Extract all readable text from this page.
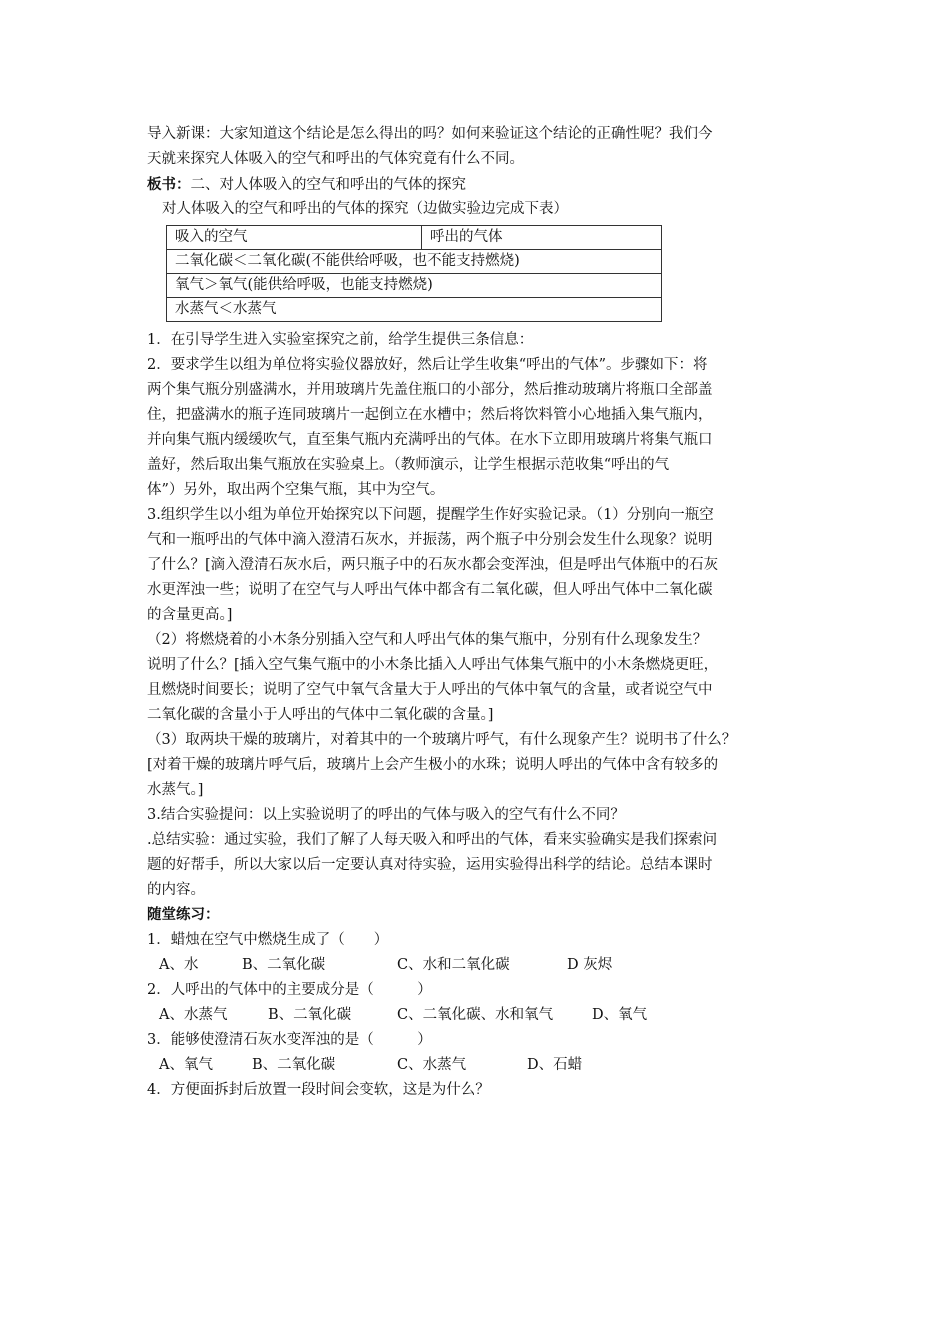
导入新课：大家知道这个结论是怎么得出的吗？如何来验证这个结论的正确性呢？我们今
天就来探究人体吸入的空气和呼出的气体究竟有什么不同。
板书：二、对人体吸入的空气和呼出的气体的探究
对人体吸入的空气和呼出的气体的探究（边做实验边完成下表）
吸入的空气	呼出的气体
二氧化碳＜二氧化碳(不能供给呼吸，也不能支持燃烧)
氧气＞氧气(能供给呼吸，也能支持燃烧)
水蒸气＜水蒸气
1．在引导学生进入实验室探究之前，给学生提供三条信息：
2．要求学生以组为单位将实验仪器放好，然后让学生收集“呼出的气体”。步骤如下：将
两个集气瓶分别盛满水，并用玻璃片先盖住瓶口的小部分，然后推动玻璃片将瓶口全部盖
住，把盛满水的瓶子连同玻璃片一起倒立在水槽中；然后将饮料管小心地插入集气瓶内，
并向集气瓶内缓缓吹气，直至集气瓶内充满呼出的气体。在水下立即用玻璃片将集气瓶口
盖好，然后取出集气瓶放在实验桌上。（教师演示，让学生根据示范收集“呼出的气
体”）另外，取出两个空集气瓶，其中为空气。
3.组织学生以小组为单位开始探究以下问题，提醒学生作好实验记录。（1）分别向一瓶空
气和一瓶呼出的气体中滴入澄清石灰水，并振荡，两个瓶子中分别会发生什么现象？说明
了什么？[滴入澄清石灰水后，两只瓶子中的石灰水都会变浑浊，但是呼出气体瓶中的石灰
水更浑浊一些；说明了在空气与人呼出气体中都含有二氧化碳，但人呼出气体中二氧化碳
的含量更高。]
（2）将燃烧着的小木条分别插入空气和人呼出气体的集气瓶中，分别有什么现象发生？
说明了什么？[插入空气集气瓶中的小木条比插入人呼出气体集气瓶中的小木条燃烧更旺，
且燃烧时间要长；说明了空气中氧气含量大于人呼出的气体中氧气的含量，或者说空气中
二氧化碳的含量小于人呼出的气体中二氧化碳的含量。]
（3）取两块干燥的玻璃片，对着其中的一个玻璃片呼气，有什么现象产生？说明书了什么？
[对着干燥的玻璃片呼气后，玻璃片上会产生极小的水珠；说明人呼出的气体中含有较多的
水蒸气。]
3.结合实验提问：以上实验说明了的呼出的气体与吸入的空气有什么不同？
.总结实验：通过实验，我们了解了人每天吸入和呼出的气体，看来实验确实是我们探索问
题的好帮手，所以大家以后一定要认真对待实验，运用实验得出科学的结论。总结本课时
的内容。
随堂练习：
1．蜡烛在空气中燃烧生成了（　　）
A、水	B、二氧化碳	C、水和二氧化碳	D 灰烬
2．人呼出的气体中的主要成分是（　　　）
A、水蒸气	B、二氧化碳	C、二氧化碳、水和氧气	D、氧气
3．能够使澄清石灰水变浑浊的是（　　　）
A、氧气	B、二氧化碳	C、水蒸气	D、石蜡
4．方便面拆封后放置一段时间会变软，这是为什么？
